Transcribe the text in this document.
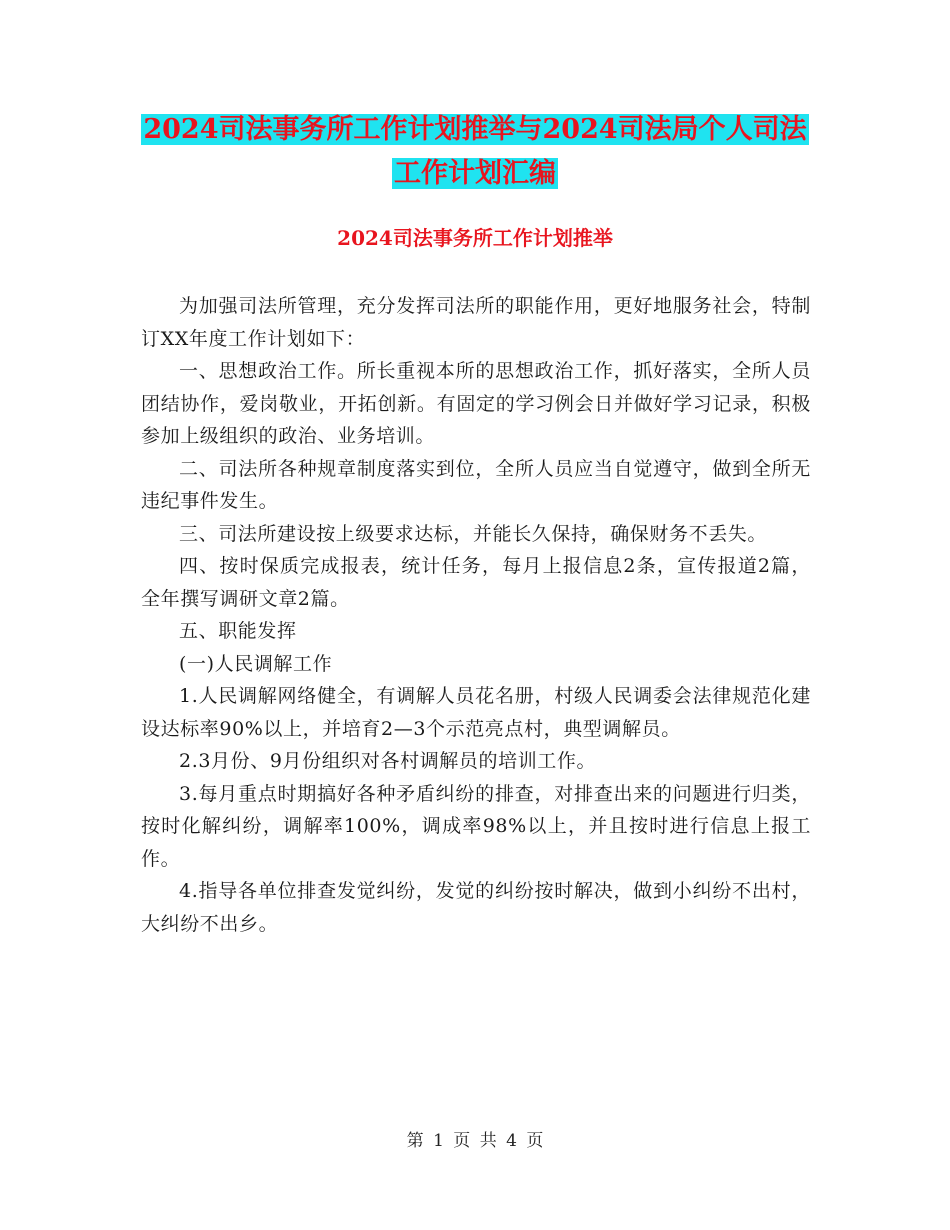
2024司法事务所工作计划推举与2024司法局个人司法
工作计划汇编
2024司法事务所工作计划推举

为加强司法所管理，充分发挥司法所的职能作用，更好地服务社会，特制订XX年度工作计划如下：

一、思想政治工作。所长重视本所的思想政治工作，抓好落实，全所人员团结协作，爱岗敬业，开拓创新。有固定的学习例会日并做好学习记录，积极参加上级组织的政治、业务培训。

二、司法所各种规章制度落实到位，全所人员应当自觉遵守，做到全所无违纪事件发生。

三、司法所建设按上级要求达标，并能长久保持，确保财务不丢失。

四、按时保质完成报表，统计任务，每月上报信息2条，宣传报道2篇，全年撰写调研文章2篇。

五、职能发挥

(一)人民调解工作

1.人民调解网络健全，有调解人员花名册，村级人民调委会法律规范化建设达标率90%以上，并培育2—3个示范亮点村，典型调解员。

2.3月份、9月份组织对各村调解员的培训工作。

3.每月重点时期搞好各种矛盾纠纷的排查，对排查出来的问题进行归类，按时化解纠纷，调解率100%，调成率98%以上，并且按时进行信息上报工作。

4.指导各单位排查发觉纠纷，发觉的纠纷按时解决，做到小纠纷不出村，大纠纷不出乡。

第 1 页 共 4 页
